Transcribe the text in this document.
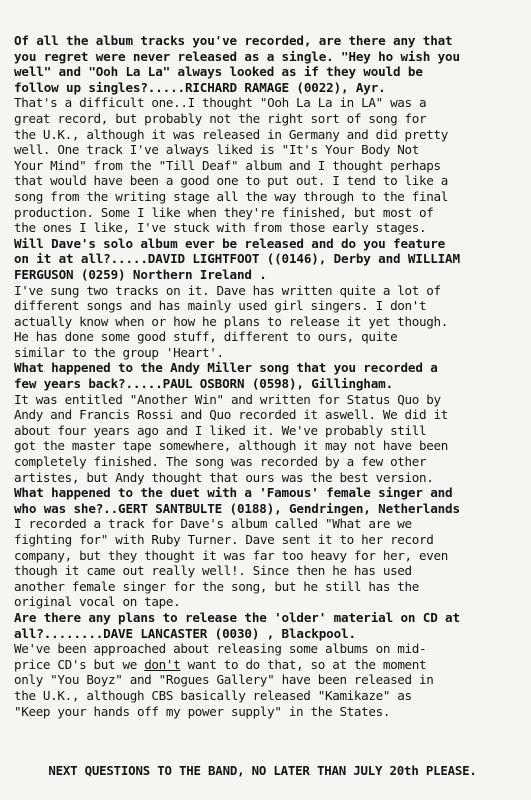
Of all the album tracks you've recorded, are there any that
you regret were never released as a single. "Hey ho wish you
well" and "Ooh La La" always looked as if they would be
follow up singles?.....RICHARD RAMAGE (0022), Ayr.

That's a difficult one..I thought "Ooh La La in LA" was a
great record, but probably not the right sort of song for
the U.K., although it was released in Germany and did pretty
well. One track I've always liked is "It's Your Body Not
Your Mind" from the "Till Deaf" album and I thought perhaps
that would have been a good one to put out. I tend to like a
song from the writing stage all the way through to the final
production. Some I like when they're finished, but most of
the ones I like, I've stuck with from those early stages.

Will Dave's solo album ever be released and do you feature
on it at all?.....DAVID LIGHTFOOT ((0146), Derby and WILLIAM
FERGUSON (0259) Northern Ireland .

I've sung two tracks on it. Dave has written quite a lot of
different songs and has mainly used girl singers. I don't
actually know when or how he plans to release it yet though.
He has done some good stuff, different to ours, quite
similar to the group 'Heart'.

What happened to the Andy Miller song that you recorded a
few years back?.....PAUL OSBORN (0598), Gillingham.

It was entitled "Another Win" and written for Status Quo by
Andy and Francis Rossi and Quo recorded it aswell. We did it
about four years ago and I liked it. We've probably still
got the master tape somewhere, although it may not have been
completely finished. The song was recorded by a few other
artistes, but Andy thought that ours was the best version.

What happened to the duet with a 'Famous' female singer and
who was she?..GERT SANTBULTE (0188), Gendringen, Netherlands

I recorded a track for Dave's album called "What are we
fighting for" with Ruby Turner. Dave sent it to her record
company, but they thought it was far too heavy for her, even
though it came out really well!. Since then he has used
another female singer for the song, but he still has the
original vocal on tape.

Are there any plans to release the 'older' material on CD at
all?........DAVE LANCASTER (0030) , Blackpool.

We've been approached about releasing some albums on mid-
price CD's but we don't want to do that, so at the moment
only "You Boyz" and "Rogues Gallery" have been released in
the U.K., although CBS basically released "Kamikaze" as
"Keep your hands off my power supply" in the States.

NEXT QUESTIONS TO THE BAND, NO LATER THAN JULY 20th PLEASE.
